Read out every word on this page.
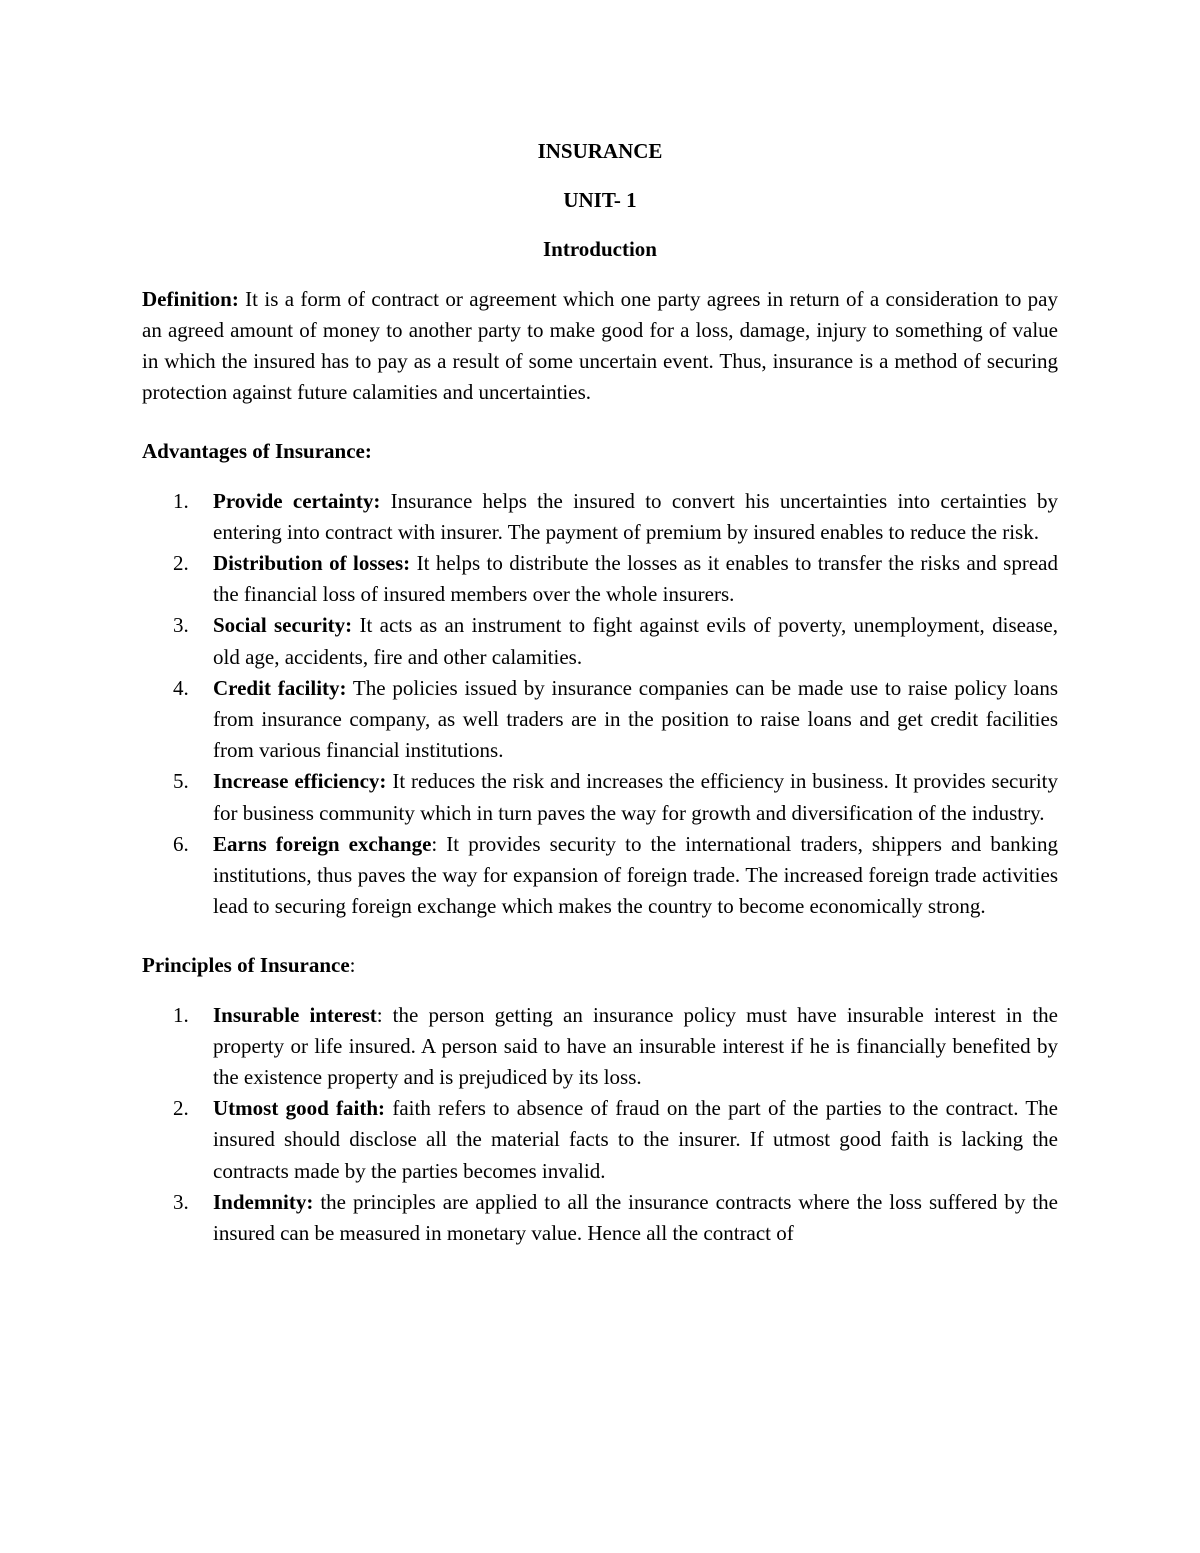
INSURANCE

UNIT- 1

Introduction

Definition: It is a form of contract or agreement which one party agrees in return of a consideration to pay an agreed amount of money to another party to make good for a loss, damage, injury to something of value in which the insured has to pay as a result of some uncertain event. Thus, insurance is a method of securing protection against future calamities and uncertainties.

Advantages of Insurance:

1. Provide certainty: Insurance helps the insured to convert his uncertainties into certainties by entering into contract with insurer. The payment of premium by insured enables to reduce the risk.
2. Distribution of losses: It helps to distribute the losses as it enables to transfer the risks and spread the financial loss of insured members over the whole insurers.
3. Social security: It acts as an instrument to fight against evils of poverty, unemployment, disease, old age, accidents, fire and other calamities.
4. Credit facility: The policies issued by insurance companies can be made use to raise policy loans from insurance company, as well traders are in the position to raise loans and get credit facilities from various financial institutions.
5. Increase efficiency: It reduces the risk and increases the efficiency in business. It provides security for business community which in turn paves the way for growth and diversification of the industry.
6. Earns foreign exchange: It provides security to the international traders, shippers and banking institutions, thus paves the way for expansion of foreign trade. The increased foreign trade activities lead to securing foreign exchange which makes the country to become economically strong.

Principles of Insurance:

1. Insurable interest: the person getting an insurance policy must have insurable interest in the property or life insured. A person said to have an insurable interest if he is financially benefited by the existence property and is prejudiced by its loss.
2. Utmost good faith: faith refers to absence of fraud on the part of the parties to the contract. The insured should disclose all the material facts to the insurer. If utmost good faith is lacking the contracts made by the parties becomes invalid.
3. Indemnity: the principles are applied to all the insurance contracts where the loss suffered by the insured can be measured in monetary value. Hence all the contract of
